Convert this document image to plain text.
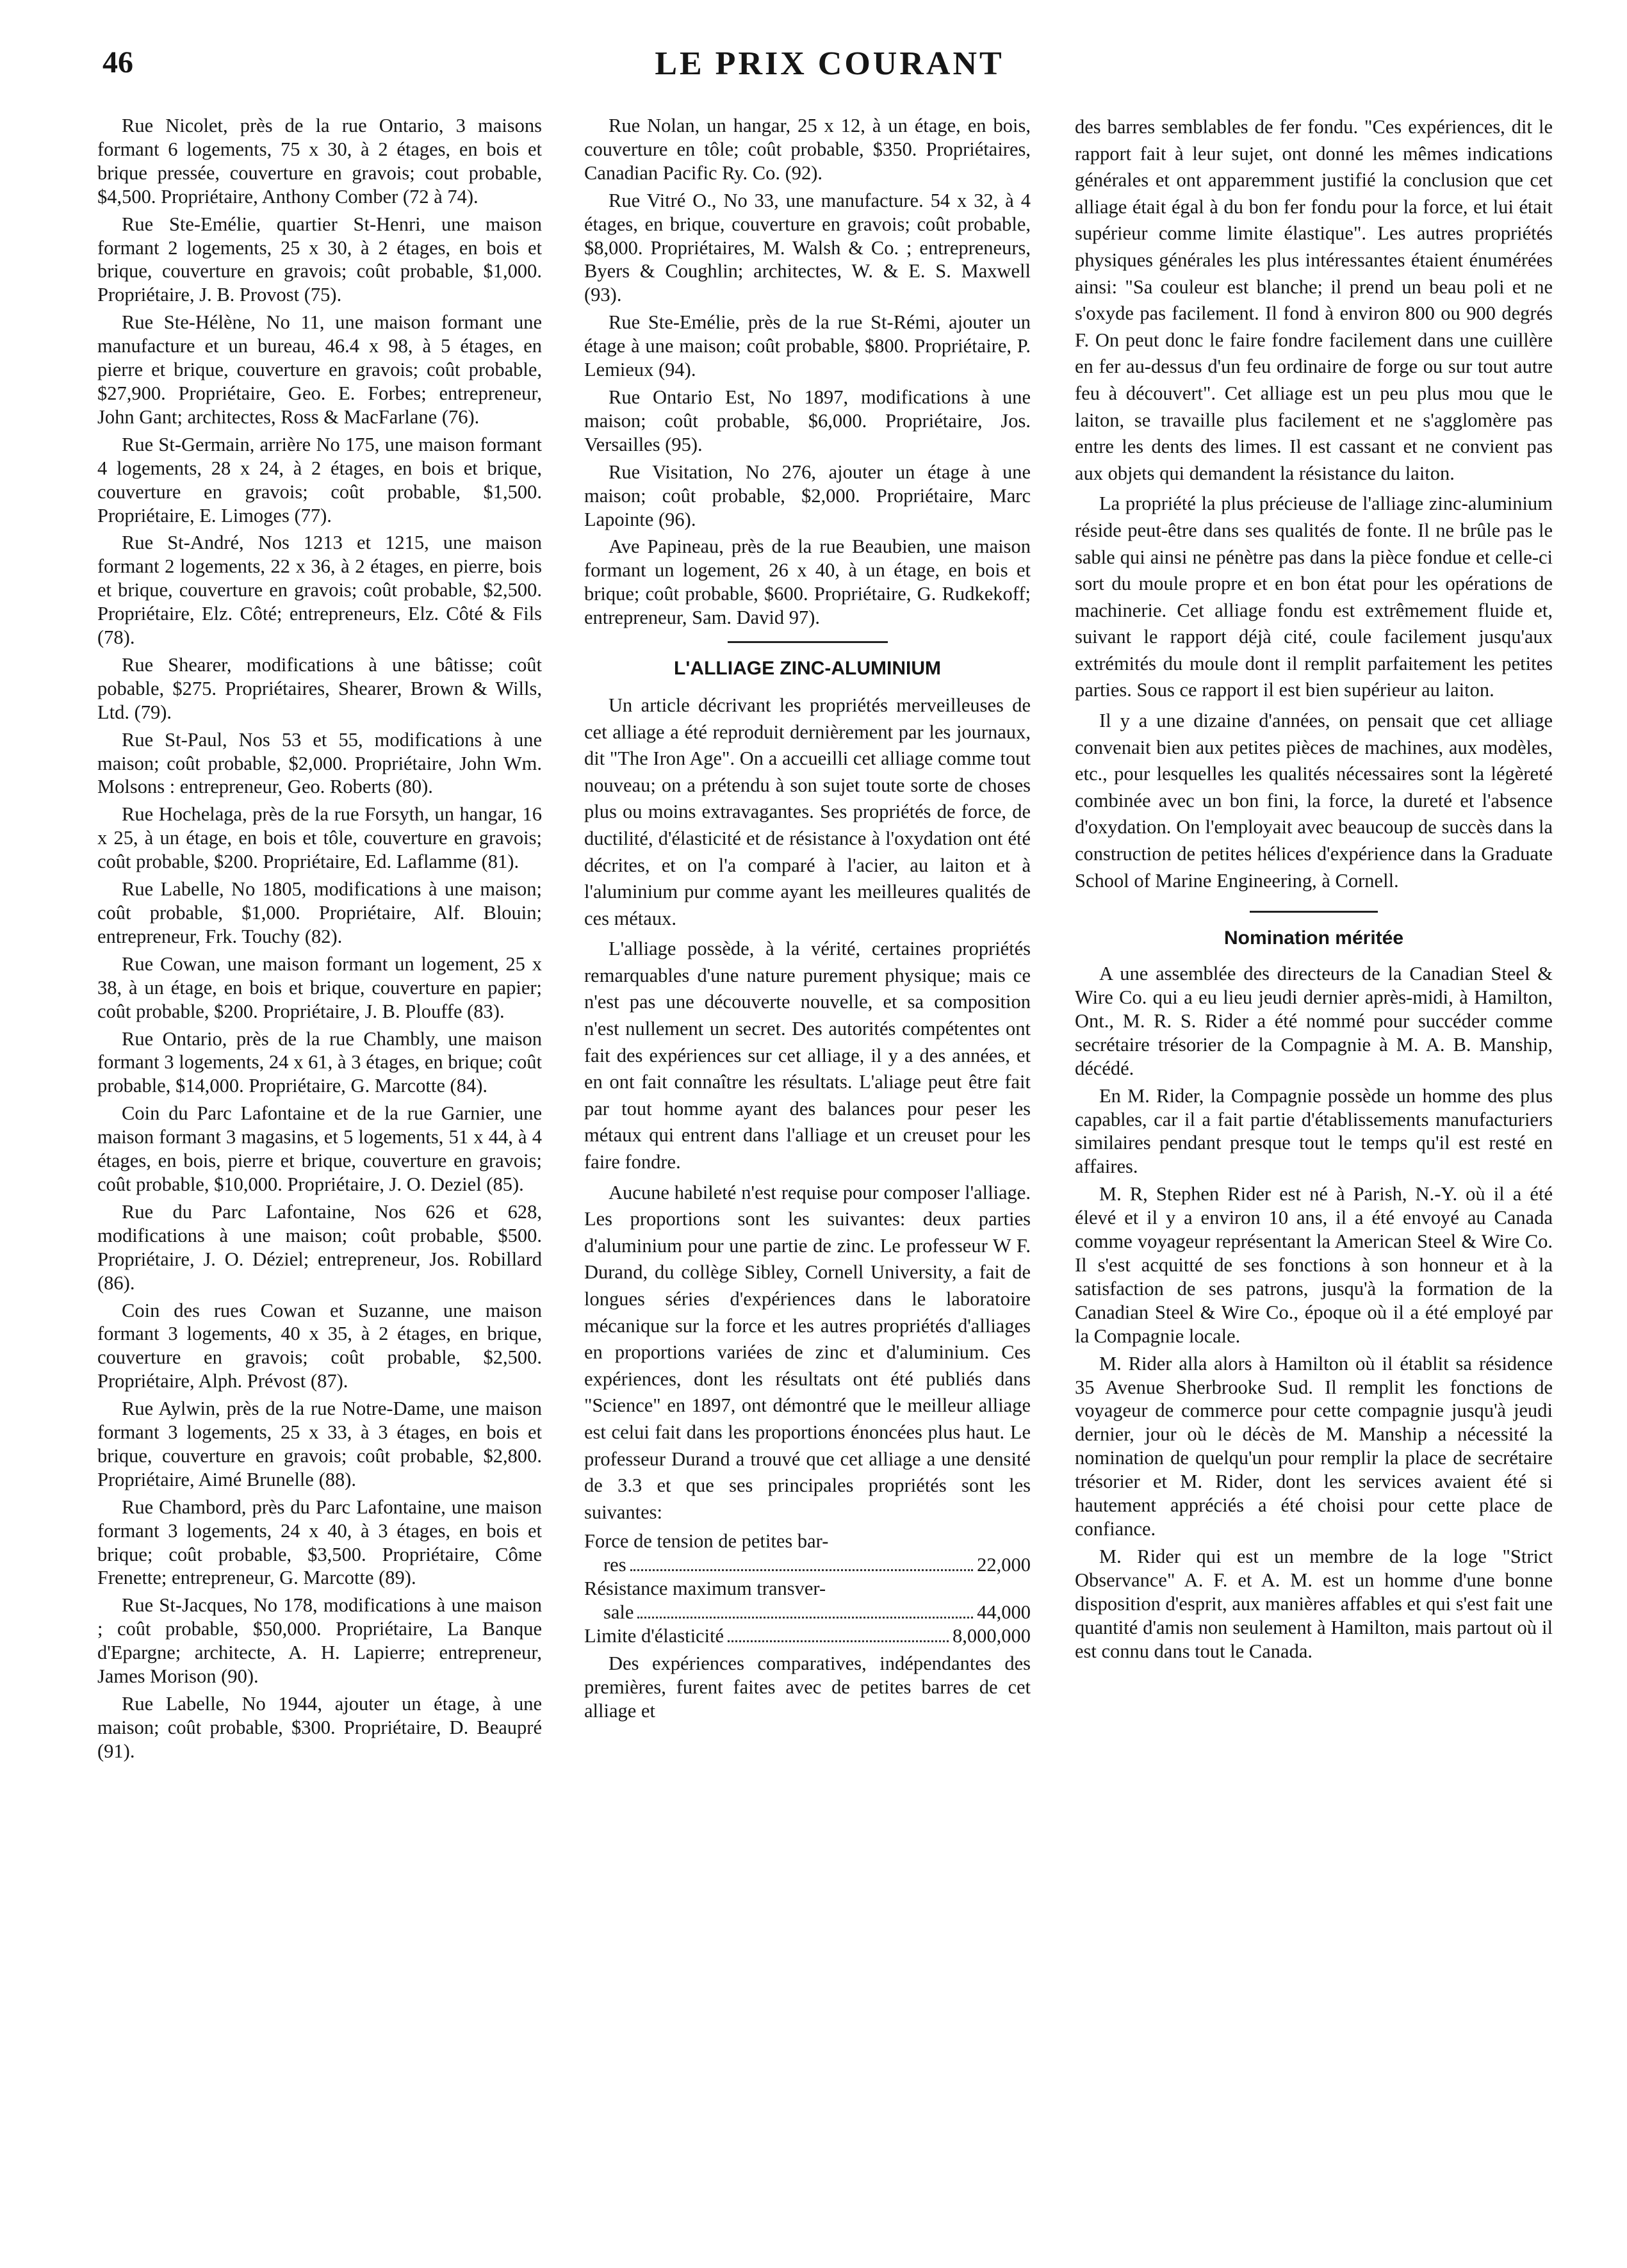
46	LE PRIX COURANT

Rue Nicolet, près de la rue Ontario, 3 maisons formant 6 logements, 75 x 30, à 2 étages, en bois et brique pressée, couverture en gravois; cout probable, $4,500. Propriétaire, Anthony Comber (72 à 74).

Rue Ste-Emélie, quartier St-Henri, une maison formant 2 logements, 25 x 30, à 2 étages, en bois et brique, couverture en gravois; coût probable, $1,000. Propriétaire, J. B. Provost (75).

Rue Ste-Hélène, No 11, une maison formant une manufacture et un bureau, 46.4 x 98, à 5 étages, en pierre et brique, couverture en gravois; coût probable, $27,900. Propriétaire, Geo. E. Forbes; entrepreneur, John Gant; architectes, Ross & MacFarlane (76).

Rue St-Germain, arrière No 175, une maison formant 4 logements, 28 x 24, à 2 étages, en bois et brique, couverture en gravois; coût probable, $1,500. Propriétaire, E. Limoges (77).

Rue St-André, Nos 1213 et 1215, une maison formant 2 logements, 22 x 36, à 2 étages, en pierre, bois et brique, couverture en gravois; coût probable, $2,500. Propriétaire, Elz. Côté; entrepreneurs, Elz. Côté & Fils (78).

Rue Shearer, modifications à une bâtisse; coût pobable, $275. Propriétaires, Shearer, Brown & Wills, Ltd. (79).

Rue St-Paul, Nos 53 et 55, modifications à une maison; coût probable, $2,000. Propriétaire, John Wm. Molsons : entrepreneur, Geo. Roberts (80).

Rue Hochelaga, près de la rue Forsyth, un hangar, 16 x 25, à un étage, en bois et tôle, couverture en gravois; coût probable, $200. Propriétaire, Ed. Laflamme (81).

Rue Labelle, No 1805, modifications à une maison; coût probable, $1,000. Propriétaire, Alf. Blouin; entrepreneur, Frk. Touchy (82).

Rue Cowan, une maison formant un logement, 25 x 38, à un étage, en bois et brique, couverture en papier; coût probable, $200. Propriétaire, J. B. Plouffe (83).

Rue Ontario, près de la rue Chambly, une maison formant 3 logements, 24 x 61, à 3 étages, en brique; coût probable, $14,000. Propriétaire, G. Marcotte (84).

Coin du Parc Lafontaine et de la rue Garnier, une maison formant 3 magasins, et 5 logements, 51 x 44, à 4 étages, en bois, pierre et brique, couverture en gravois; coût probable, $10,000. Propriétaire, J. O. Deziel (85).

Rue du Parc Lafontaine, Nos 626 et 628, modifications à une maison; coût probable, $500. Propriétaire, J. O. Déziel; entrepreneur, Jos. Robillard (86).

Coin des rues Cowan et Suzanne, une maison formant 3 logements, 40 x 35, à 2 étages, en brique, couverture en gravois; coût probable, $2,500. Propriétaire, Alph. Prévost (87).

Rue Aylwin, près de la rue Notre-Dame, une maison formant 3 logements, 25 x 33, à 3 étages, en bois et brique, couverture en gravois; coût probable, $2,800. Propriétaire, Aimé Brunelle (88).

Rue Chambord, près du Parc Lafontaine, une maison formant 3 logements, 24 x 40, à 3 étages, en bois et brique; coût probable, $3,500. Propriétaire, Côme Frenette; entrepreneur, G. Marcotte (89).

Rue St-Jacques, No 178, modifications à une maison ; coût probable, $50,000. Propriétaire, La Banque d'Epargne; architecte, A. H. Lapierre; entrepreneur, James Morison (90).

Rue Labelle, No 1944, ajouter un étage, à une maison; coût probable, $300. Propriétaire, D. Beaupré (91).

Rue Nolan, un hangar, 25 x 12, à un étage, en bois, couverture en tôle; coût probable, $350. Propriétaires, Canadian Pacific Ry. Co. (92).

Rue Vitré O., No 33, une manufacture. 54 x 32, à 4 étages, en brique, couverture en gravois; coût probable, $8,000. Propriétaires, M. Walsh & Co. ; entrepreneurs, Byers & Coughlin; architectes, W. & E. S. Maxwell (93).

Rue Ste-Emélie, près de la rue St-Rémi, ajouter un étage à une maison; coût probable, $800. Propriétaire, P. Lemieux (94).

Rue Ontario Est, No 1897, modifications à une maison; coût probable, $6,000. Propriétaire, Jos. Versailles (95).

Rue Visitation, No 276, ajouter un étage à une maison; coût probable, $2,000. Propriétaire, Marc Lapointe (96).

Ave Papineau, près de la rue Beaubien, une maison formant un logement, 26 x 40, à un étage, en bois et brique; coût probable, $600. Propriétaire, G. Rudkekoff; entrepreneur, Sam. David 97).

L'ALLIAGE ZINC-ALUMINIUM

Un article décrivant les propriétés merveilleuses de cet alliage a été reproduit dernièrement par les journaux, dit "The Iron Age". On a accueilli cet alliage comme tout nouveau; on a prétendu à son sujet toute sorte de choses plus ou moins extravagantes. Ses propriétés de force, de ductilité, d'élasticité et de résistance à l'oxydation ont été décrites, et on l'a comparé à l'acier, au laiton et à l'aluminium pur comme ayant les meilleures qualités de ces métaux.

L'alliage possède, à la vérité, certaines propriétés remarquables d'une nature purement physique; mais ce n'est pas une découverte nouvelle, et sa composition n'est nullement un secret. Des autorités compétentes ont fait des expériences sur cet alliage, il y a des années, et en ont fait connaître les résultats. L'aliage peut être fait par tout homme ayant des balances pour peser les métaux qui entrent dans l'alliage et un creuset pour les faire fondre.

Aucune habileté n'est requise pour composer l'alliage. Les proportions sont les suivantes: deux parties d'aluminium pour une partie de zinc. Le professeur W F. Durand, du collège Sibley, Cornell University, a fait de longues séries d'expériences dans le laboratoire mécanique sur la force et les autres propriétés d'alliages en proportions variées de zinc et d'aluminium. Ces expériences, dont les résultats ont été publiés dans "Science" en 1897, ont démontré que le meilleur alliage est celui fait dans les proportions énoncées plus haut. Le professeur Durand a trouvé que cet alliage a une densité de 3.3 et que ses principales propriétés sont les suivantes:

Force de tension de petites bar-
res	22,000
Résistance maximum transver-
sale	44,000
Limite d'élasticité	8,000,000

Des expériences comparatives, indépendantes des premières, furent faites avec de petites barres de cet alliage et

des barres semblables de fer fondu. "Ces expériences, dit le rapport fait à leur sujet, ont donné les mêmes indications générales et ont apparemment justifié la conclusion que cet alliage était égal à du bon fer fondu pour la force, et lui était supérieur comme limite élastique". Les autres propriétés physiques générales les plus intéressantes étaient énumérées ainsi: "Sa couleur est blanche; il prend un beau poli et ne s'oxyde pas facilement. Il fond à environ 800 ou 900 degrés F. On peut donc le faire fondre facilement dans une cuillère en fer au-dessus d'un feu ordinaire de forge ou sur tout autre feu à découvert". Cet alliage est un peu plus mou que le laiton, se travaille plus facilement et ne s'agglomère pas entre les dents des limes. Il est cassant et ne convient pas aux objets qui demandent la résistance du laiton.

La propriété la plus précieuse de l'alliage zinc-aluminium réside peut-être dans ses qualités de fonte. Il ne brûle pas le sable qui ainsi ne pénètre pas dans la pièce fondue et celle-ci sort du moule propre et en bon état pour les opérations de machinerie. Cet alliage fondu est extrêmement fluide et, suivant le rapport déjà cité, coule facilement jusqu'aux extrémités du moule dont il remplit parfaitement les petites parties. Sous ce rapport il est bien supérieur au laiton.

Il y a une dizaine d'années, on pensait que cet alliage convenait bien aux petites pièces de machines, aux modèles, etc., pour lesquelles les qualités nécessaires sont la légèreté combinée avec un bon fini, la force, la dureté et l'absence d'oxydation. On l'employait avec beaucoup de succès dans la construction de petites hélices d'expérience dans la Graduate School of Marine Engineering, à Cornell.

Nomination méritée

A une assemblée des directeurs de la Canadian Steel & Wire Co. qui a eu lieu jeudi dernier après-midi, à Hamilton, Ont., M. R. S. Rider a été nommé pour succéder comme secrétaire trésorier de la Compagnie à M. A. B. Manship, décédé.

En M. Rider, la Compagnie possède un homme des plus capables, car il a fait partie d'établissements manufacturiers similaires pendant presque tout le temps qu'il est resté en affaires.

M. R, Stephen Rider est né à Parish, N.-Y. où il a été élevé et il y a environ 10 ans, il a été envoyé au Canada comme voyageur représentant la American Steel & Wire Co. Il s'est acquitté de ses fonctions à son honneur et à la satisfaction de ses patrons, jusqu'à la formation de la Canadian Steel & Wire Co., époque où il a été employé par la Compagnie locale.

M. Rider alla alors à Hamilton où il établit sa résidence 35 Avenue Sherbrooke Sud. Il remplit les fonctions de voyageur de commerce pour cette compagnie jusqu'à jeudi dernier, jour où le décès de M. Manship a nécessité la nomination de quelqu'un pour remplir la place de secrétaire trésorier et M. Rider, dont les services avaient été si hautement appréciés a été choisi pour cette place de confiance.

M. Rider qui est un membre de la loge "Strict Observance" A. F. et A. M. est un homme d'une bonne disposition d'esprit, aux manières affables et qui s'est fait une quantité d'amis non seulement à Hamilton, mais partout où il est connu dans tout le Canada.
